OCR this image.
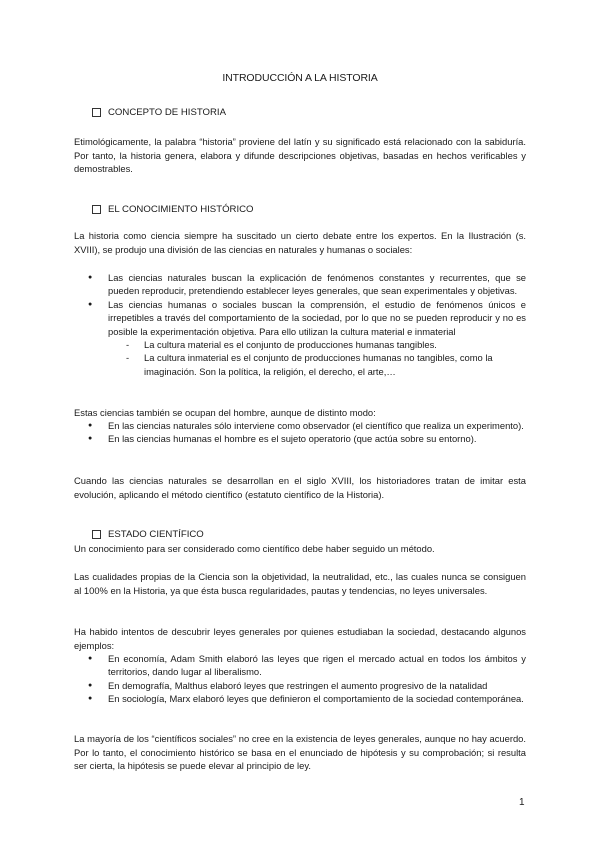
INTRODUCCIÓN A LA HISTORIA
CONCEPTO DE HISTORIA

Etimológicamente, la palabra “historia” proviene del latín y su significado está relacionado con la sabiduría. Por tanto, la historia genera, elabora y difunde descripciones objetivas, basadas en hechos verificables y demostrables.

EL CONOCIMIENTO HISTÓRICO

La historia como ciencia siempre ha suscitado un cierto debate entre los expertos. En la Ilustración (s. XVIII), se produjo una división de las ciencias en naturales y humanas o sociales:

● Las ciencias naturales buscan la explicación de fenómenos constantes y recurrentes, que se pueden reproducir, pretendiendo establecer leyes generales, que sean experimentales y objetivas.
● Las ciencias humanas o sociales buscan la comprensión, el estudio de fenómenos únicos e irrepetibles a través del comportamiento de la sociedad, por lo que no se pueden reproducir y no es posible la experimentación objetiva. Para ello utilizan la cultura material e inmaterial
- La cultura material es el conjunto de producciones humanas tangibles.
- La cultura inmaterial es el conjunto de producciones humanas no tangibles, como la imaginación. Son la política, la religión, el derecho, el arte,…

Estas ciencias también se ocupan del hombre, aunque de distinto modo:

● En las ciencias naturales sólo interviene como observador (el científico que realiza un experimento).
● En las ciencias humanas el hombre es el sujeto operatorio (que actúa sobre su entorno).

Cuando las ciencias naturales se desarrollan en el siglo XVIII, los historiadores tratan de imitar esta evolución, aplicando el método científico (estatuto científico de la Historia).

ESTADO CIENTÍFICO

Un conocimiento para ser considerado como científico debe haber seguido un método.

Las cualidades propias de la Ciencia son la objetividad, la neutralidad, etc., las cuales nunca se consiguen al 100% en la Historia, ya que ésta busca regularidades, pautas y tendencias, no leyes universales.

Ha habido intentos de descubrir leyes generales por quienes estudiaban la sociedad, destacando algunos ejemplos:

● En economía, Adam Smith elaboró las leyes que rigen el mercado actual en todos los ámbitos y territorios, dando lugar al liberalismo.
● En demografía, Malthus elaboró leyes que restringen el aumento progresivo de la natalidad
● En sociología, Marx elaboró leyes que definieron el comportamiento de la sociedad contemporánea.

La mayoría de los “científicos sociales” no cree en la existencia de leyes generales, aunque no hay acuerdo. Por lo tanto, el conocimiento histórico se basa en el enunciado de hipótesis y su comprobación; si resulta ser cierta, la hipótesis se puede elevar al principio de ley.

1
